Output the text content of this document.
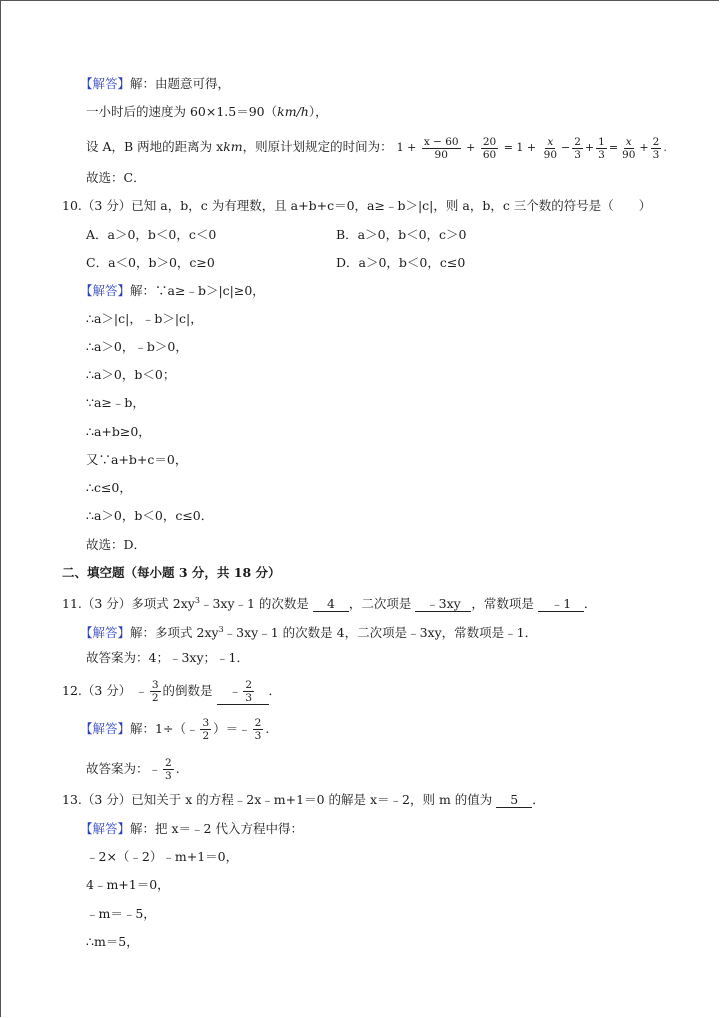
【解答】解：由题意可得，
一小时后的速度为 60×1.5＝90（km/h），
设 A，B 两地的距离为 xkm，则原计划规定的时间为： $1 + \frac{x - 60}{90} + \frac{20}{60} = 1 + \frac{x}{90} - \frac{2}{3} + \frac{1}{3} = \frac{x}{90} + \frac{2}{3}$ .
故选：C．
10.（3 分）已知 a，b，c 为有理数，且 a+b+c＝0，a≥﹣b＞|c|，则 a，b，c 三个数的符号是（　　）
A．a＞0，b＜0，c＜0	B．a＞0，b＜0，c＞0
C．a＜0，b＞0，c≥0	D．a＞0，b＜0，c≤0
【解答】解：∵a≥﹣b＞|c|≥0，
∴a＞|c|，﹣b＞|c|，
∴a＞0，﹣b＞0，
∴a＞0，b＜0；
∵a≥﹣b，
∴a+b≥0，
又∵a+b+c＝0，
∴c≤0，
∴a＞0，b＜0，c≤0．
故选：D．
二、填空题（每小题 3 分，共 18 分）
11.（3 分）多项式 $2xy^3﹣3xy﹣1$ 的次数是 4 ，二次项是 ﹣3xy ，常数项是 ﹣1 ．
【解答】解：多项式 $2xy^3﹣3xy﹣1$ 的次数是 4，二次项是﹣3xy，常数项是﹣1．
故答案为：4；﹣3xy；﹣1．
12.（3 分） ﹣ $\frac{3}{2}$ 的倒数是 ﹣ $\frac{2}{3}$ ．
【解答】解：1÷（﹣ $\frac{3}{2}$ ）＝﹣ $\frac{2}{3}$ .
故答案为：﹣ $\frac{2}{3}$ .
13.（3 分）已知关于 x 的方程﹣2x﹣m+1＝0 的解是 x＝﹣2，则 m 的值为 5 ．
【解答】解：把 x＝﹣2 代入方程中得：
﹣2×（﹣2）﹣m+1＝0，
4﹣m+1＝0，
﹣m＝﹣5，
∴m＝5，
